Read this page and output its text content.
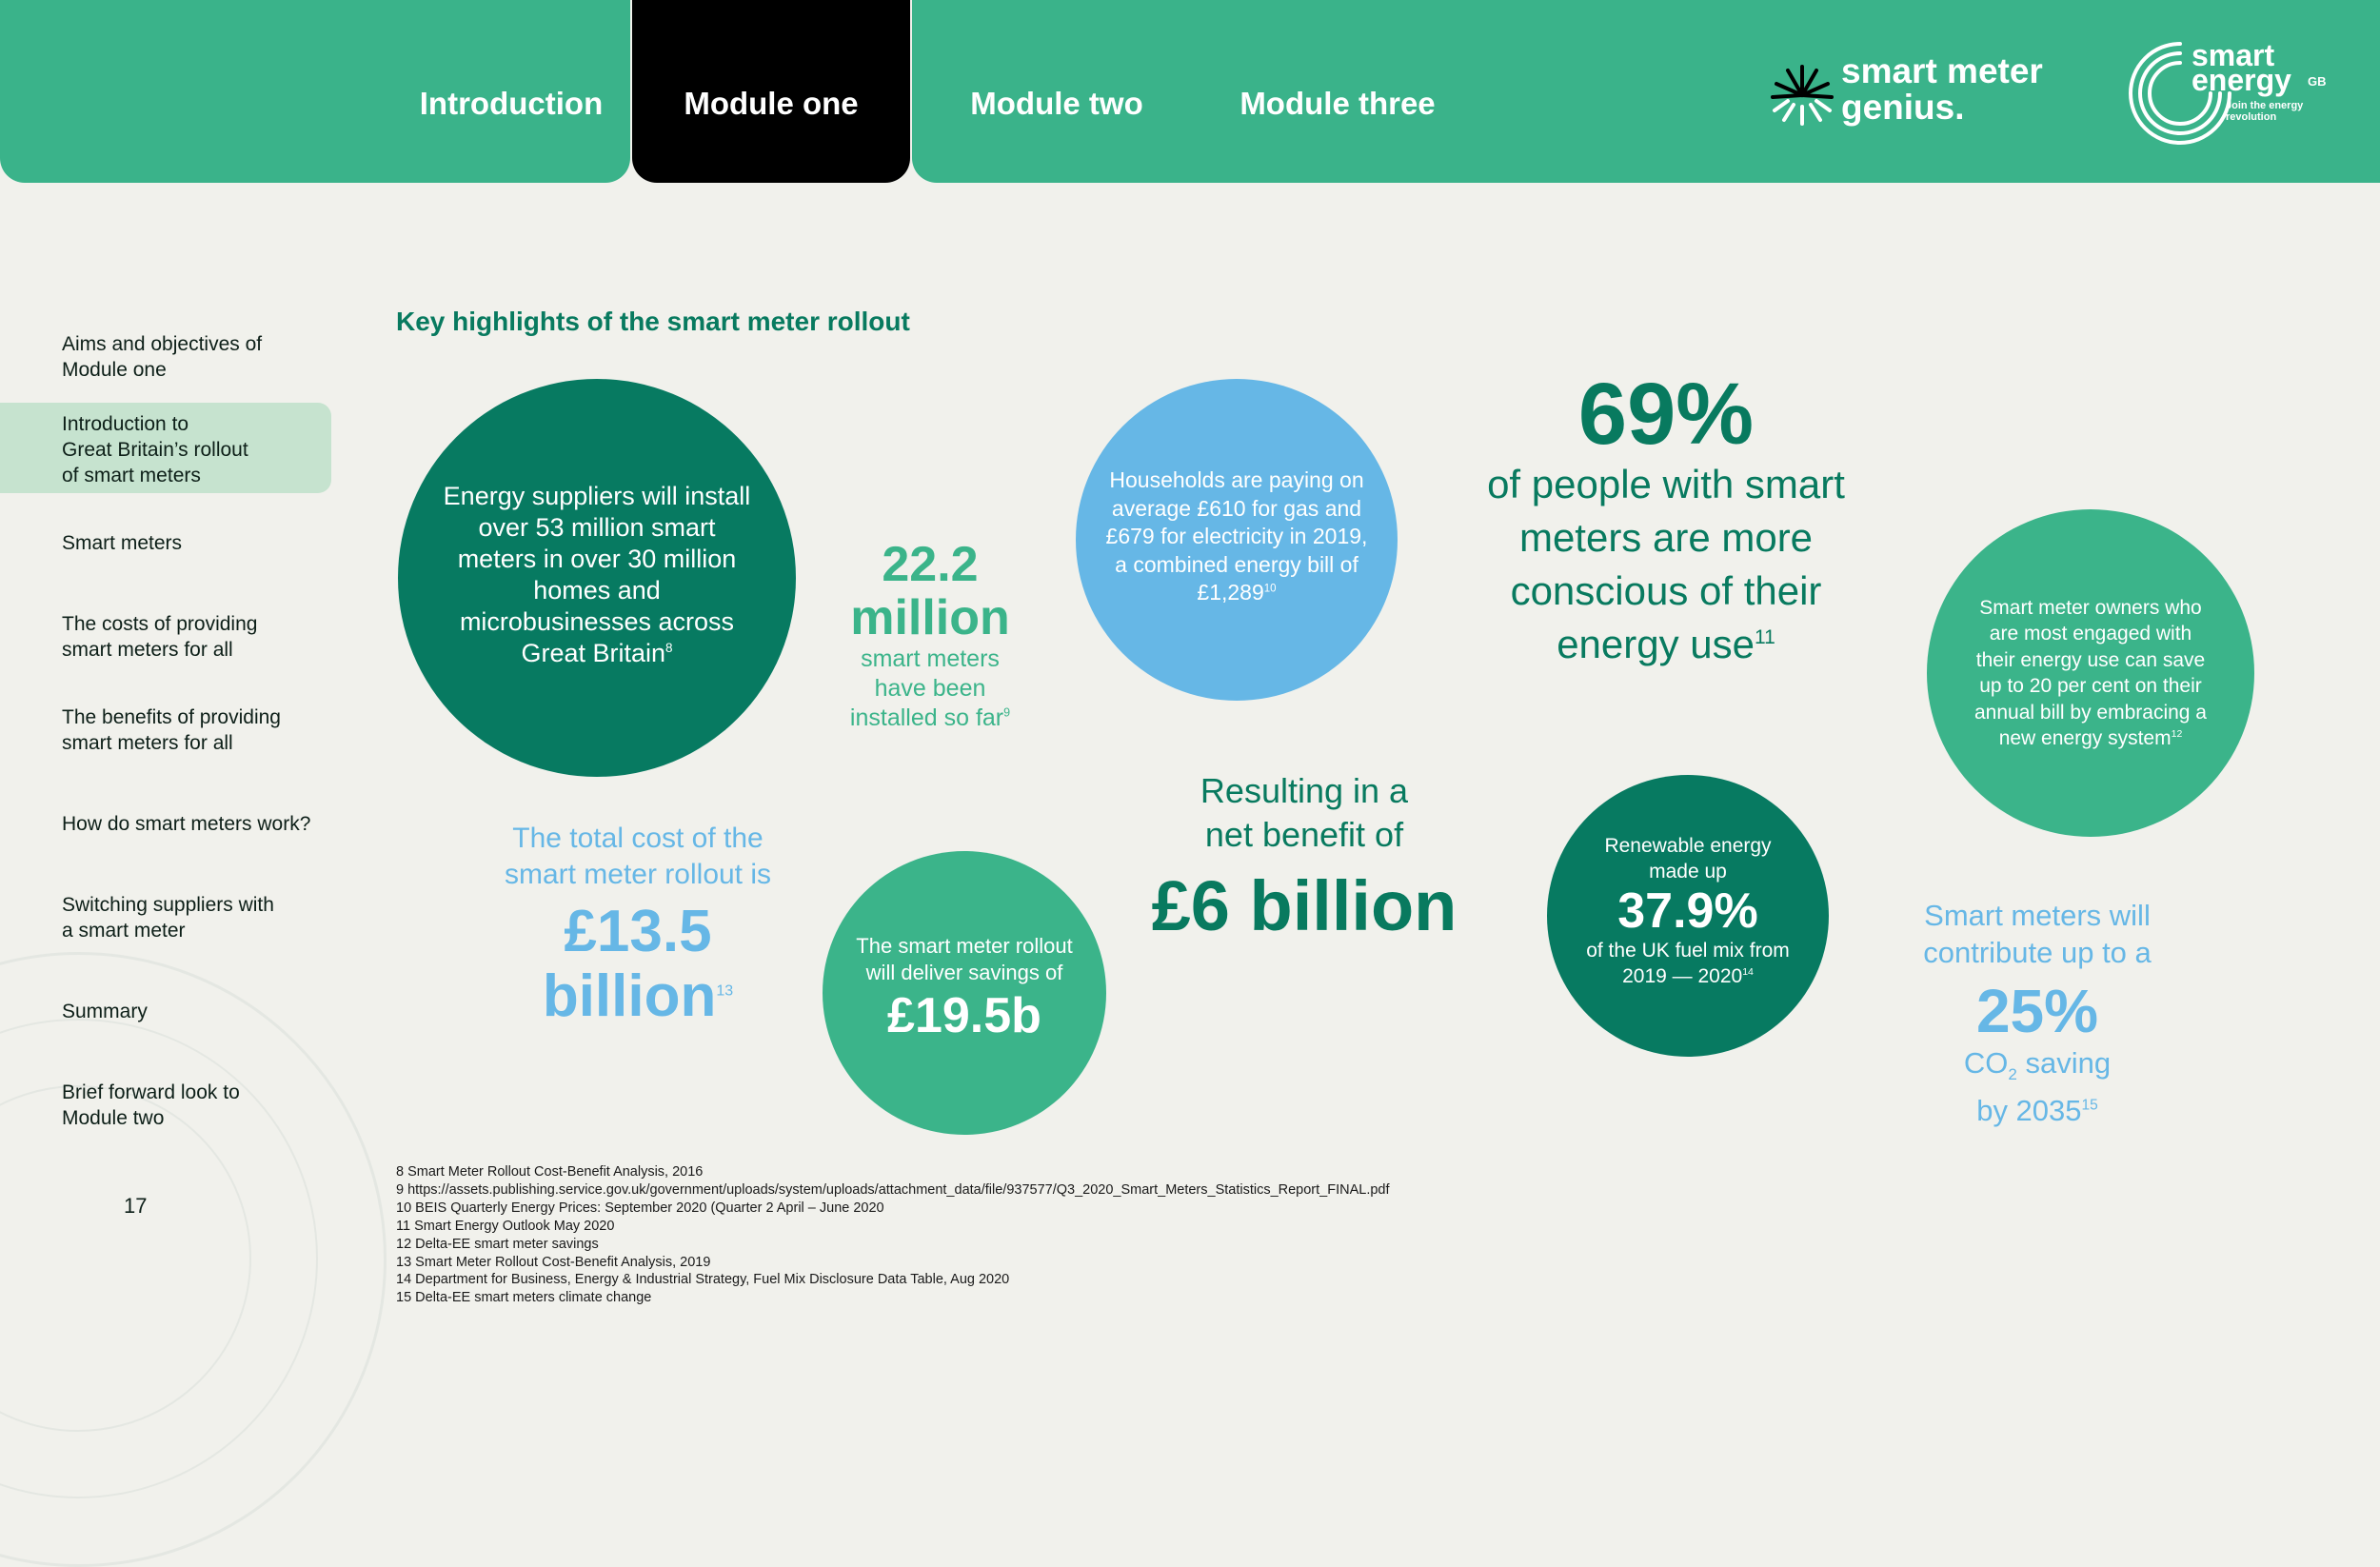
Introduction	Module one	Module two	Module three
smart meter
genius.
smart
energy GB
Join the energy
revolution
Aims and objectives of
Module one
Introduction to
Great Britain’s rollout
of smart meters
Smart meters
The costs of providing
smart meters for all
The benefits of providing
smart meters for all
How do smart meters work?
Switching suppliers with
a smart meter
Summary
Brief forward look to
Module two
17
Key highlights of the smart meter rollout
Energy suppliers will install over 53 million smart meters in over 30 million homes and microbusinesses across Great Britain$^8$
22.2
million
smart meters
have been
installed so far$^9$
Households are paying on average £610 for gas and £679 for electricity in 2019, a combined energy bill of £1,289$^{10}$
69%
of people with smart
meters are more
conscious of their
energy use$^{11}$
Smart meter owners who are most engaged with their energy use can save up to 20 per cent on their annual bill by embracing a new energy system$^{12}$
The total cost of the
smart meter rollout is
£13.5
billion$^{13}$
The smart meter rollout
will deliver savings of
£19.5b
Resulting in a
net benefit of
£6 billion
Renewable energy
made up
37.9%
of the UK fuel mix from
2019 — 2020$^{14}$
Smart meters will
contribute up to a
25%
$CO_2$ saving
by 2035$^{15}$
8 Smart Meter Rollout Cost-Benefit Analysis, 2016
9 https://assets.publishing.service.gov.uk/government/uploads/system/uploads/attachment_data/file/937577/Q3_2020_Smart_Meters_Statistics_Report_FINAL.pdf
10 BEIS Quarterly Energy Prices: September 2020 (Quarter 2 April – June 2020
11 Smart Energy Outlook May 2020
12 Delta-EE smart meter savings
13 Smart Meter Rollout Cost-Benefit Analysis, 2019
14 Department for Business, Energy & Industrial Strategy, Fuel Mix Disclosure Data Table, Aug 2020
15 Delta-EE smart meters climate change
